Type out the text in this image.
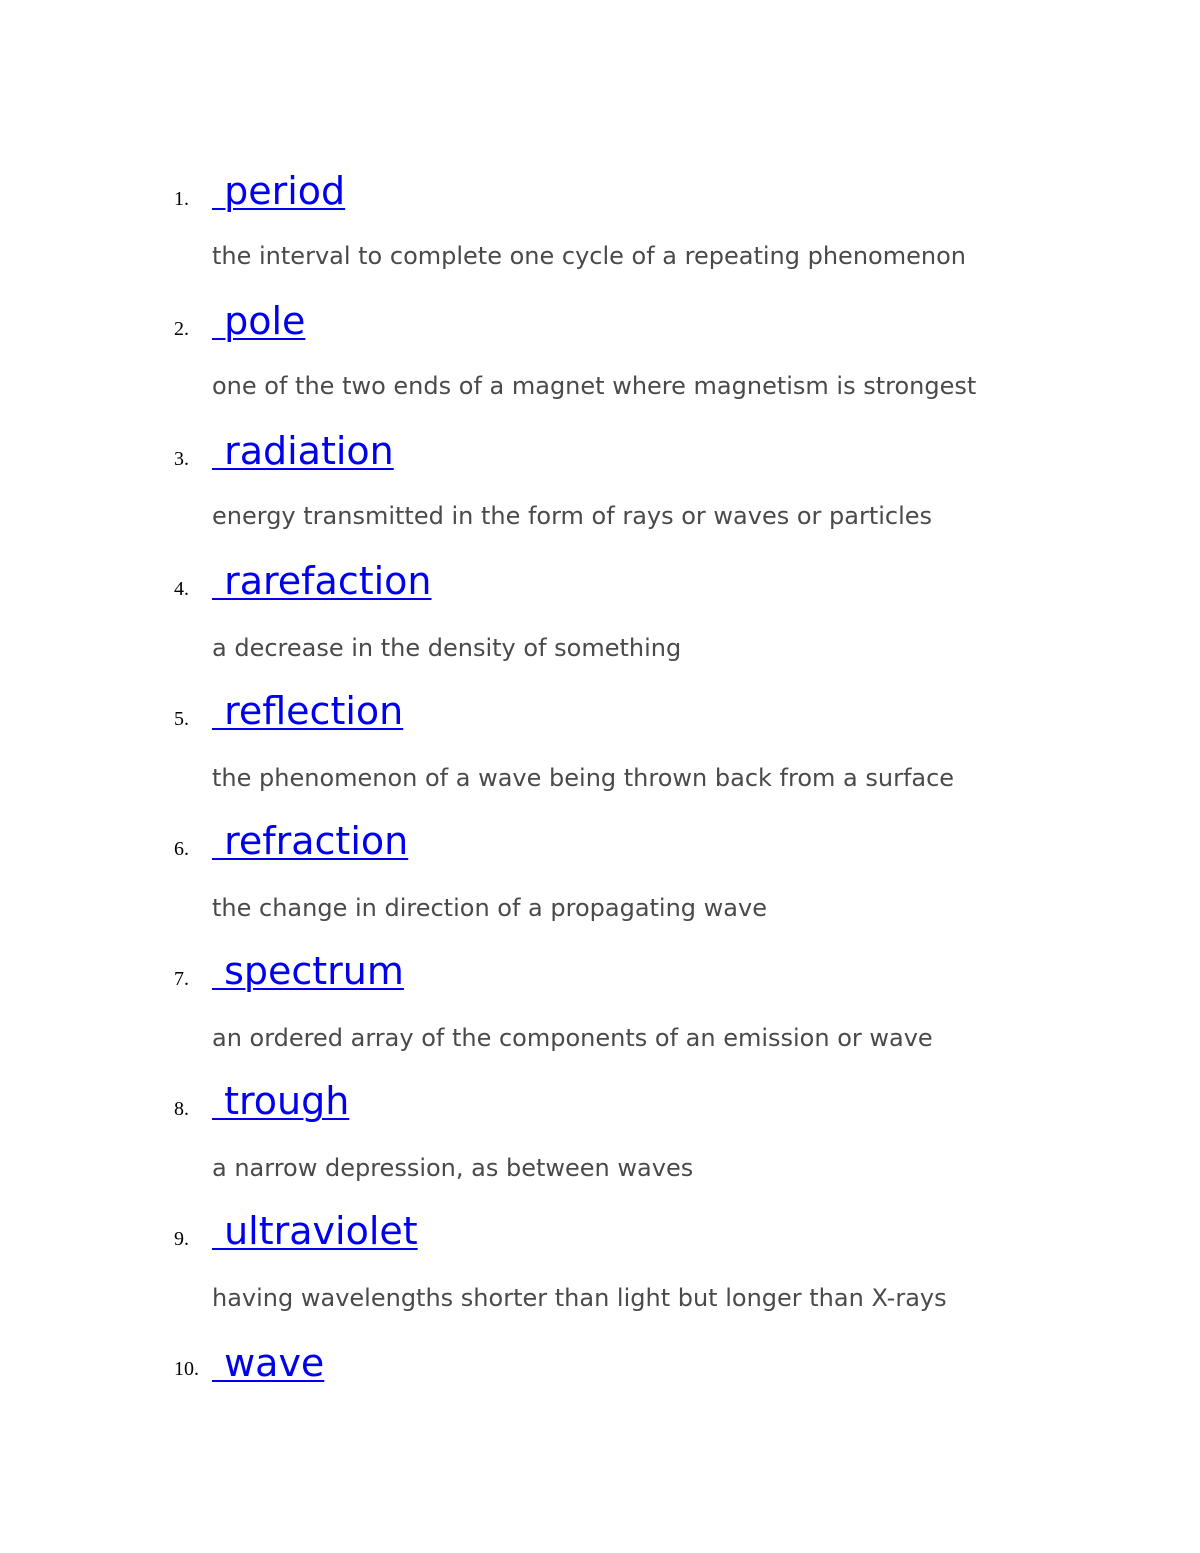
1. period
the interval to complete one cycle of a repeating phenomenon
2. pole
one of the two ends of a magnet where magnetism is strongest
3. radiation
energy transmitted in the form of rays or waves or particles
4. rarefaction
a decrease in the density of something
5. reflection
the phenomenon of a wave being thrown back from a surface
6. refraction
the change in direction of a propagating wave
7. spectrum
an ordered array of the components of an emission or wave
8. trough
a narrow depression, as between waves
9. ultraviolet
having wavelengths shorter than light but longer than X-rays
10. wave
